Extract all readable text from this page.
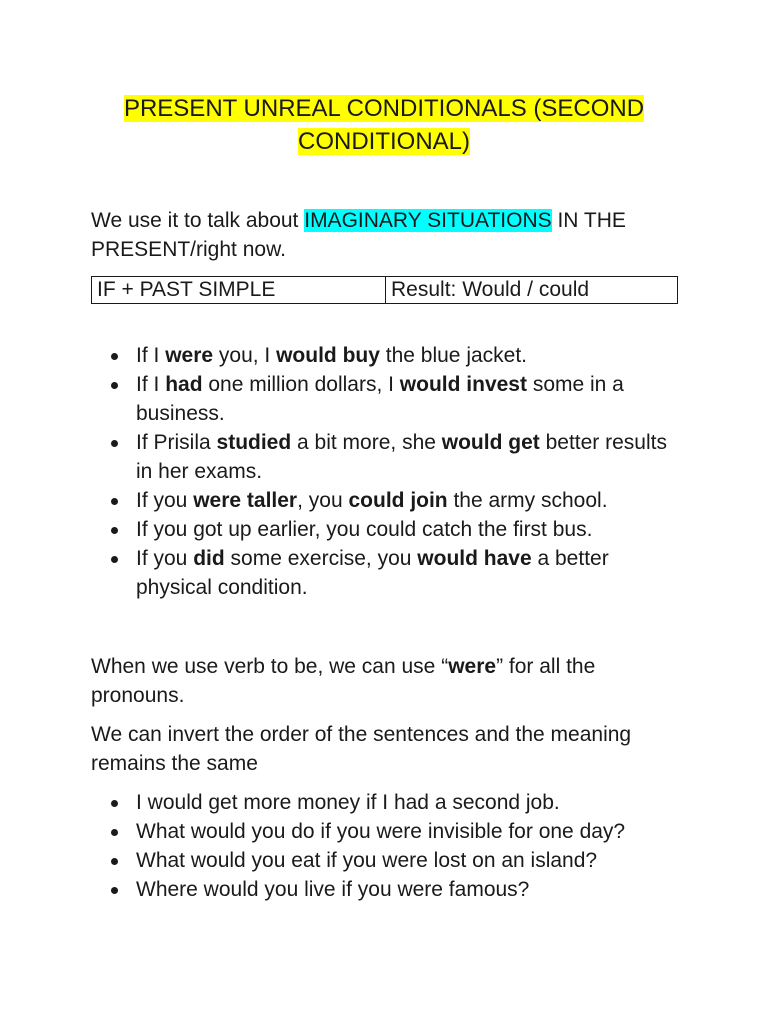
PRESENT UNREAL CONDITIONALS (SECOND
CONDITIONAL)
We use it to talk about IMAGINARY SITUATIONS IN THE PRESENT/right now.
IF + PAST SIMPLE	Result: Would / could
If I were you, I would buy the blue jacket.
If I had one million dollars, I would invest some in a business.
If Prisila studied a bit more, she would get better results in her exams.
If you were taller, you could join the army school.
If you got up earlier, you could catch the first bus.
If you did some exercise, you would have a better physical condition.
When we use verb to be, we can use “were” for all the pronouns.
We can invert the order of the sentences and the meaning remains the same
I would get more money if I had a second job.
What would you do if you were invisible for one day?
What would you eat if you were lost on an island?
Where would you live if you were famous?
